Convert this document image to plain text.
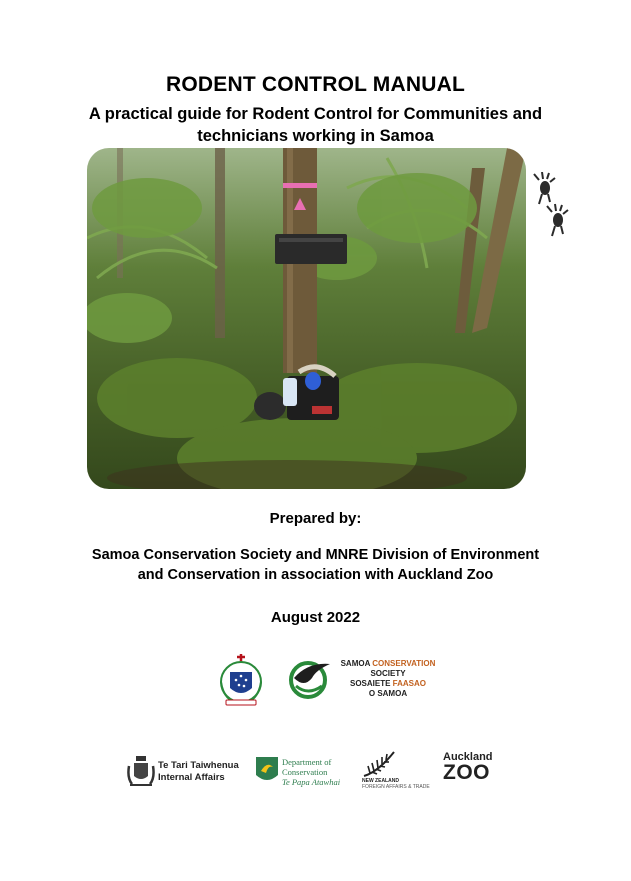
RODENT CONTROL MANUAL
A practical guide for Rodent Control for Communities and
technicians working in Samoa
Prepared by:
Samoa Conservation Society and MNRE Division of Environment
and Conservation in association with Auckland Zoo
August 2022
SAMOA CONSERVATION
SOCIETY
SOSAIETE FAASAO
O SAMOA
Te Tari Taiwhenua
Internal Affairs
Department of
Conservation
Te Papa Atawhai	NEW ZEALAND
FOREIGN AFFAIRS & TRADE
Auckland
ZOO
